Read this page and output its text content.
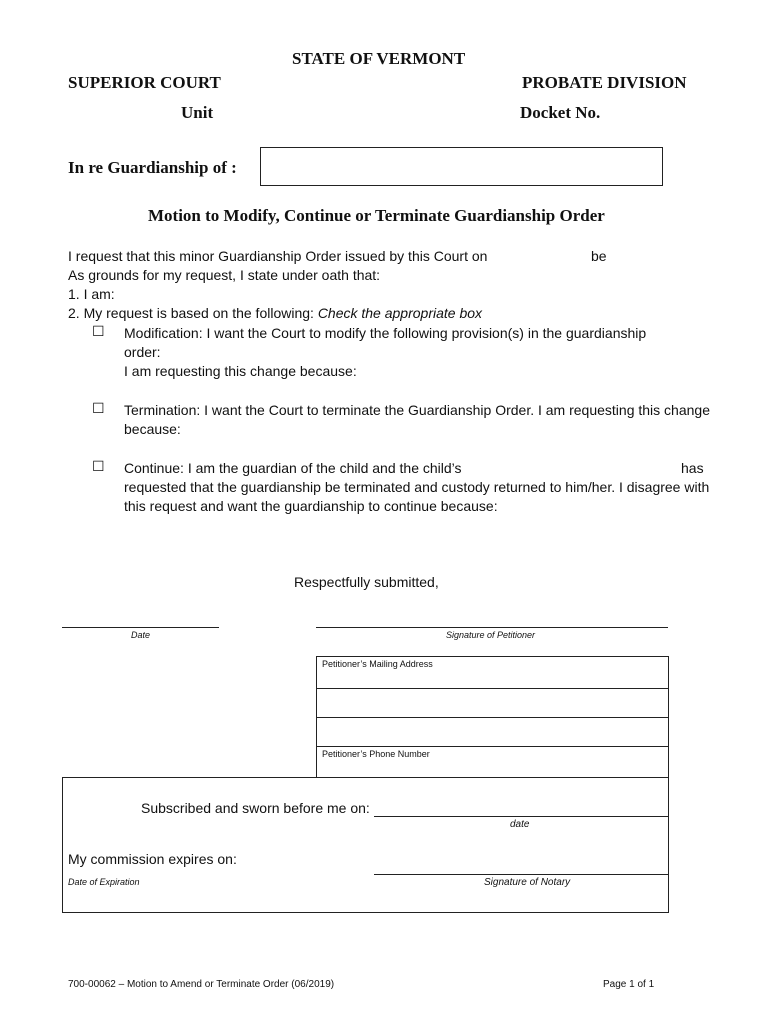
STATE OF VERMONT
SUPERIOR COURT	PROBATE DIVISION
Unit	Docket No.
In re Guardianship of :
Motion to Modify, Continue or Terminate Guardianship Order
I request that this minor Guardianship Order issued by this Court on	be
As grounds for my request, I state under oath that:
1. I am:
2. My request is based on the following: Check the appropriate box
☐ Modification: I want the Court to modify the following provision(s) in the guardianship
order:
I am requesting this change because:
☐ Termination: I want the Court to terminate the Guardianship Order. I am requesting this change
because:
☐ Continue: I am the guardian of the child and the child’s	has
requested that the guardianship be terminated and custody returned to him/her. I disagree with
this request and want the guardianship to continue because:
Respectfully submitted,
Date	Signature of Petitioner
Petitioner’s Mailing Address
Petitioner’s Phone Number
Subscribed and sworn before me on:
date
My commission expires on:
Date of Expiration	Signature of Notary
700-00062 – Motion to Amend or Terminate Order (06/2019)	Page 1 of 1
